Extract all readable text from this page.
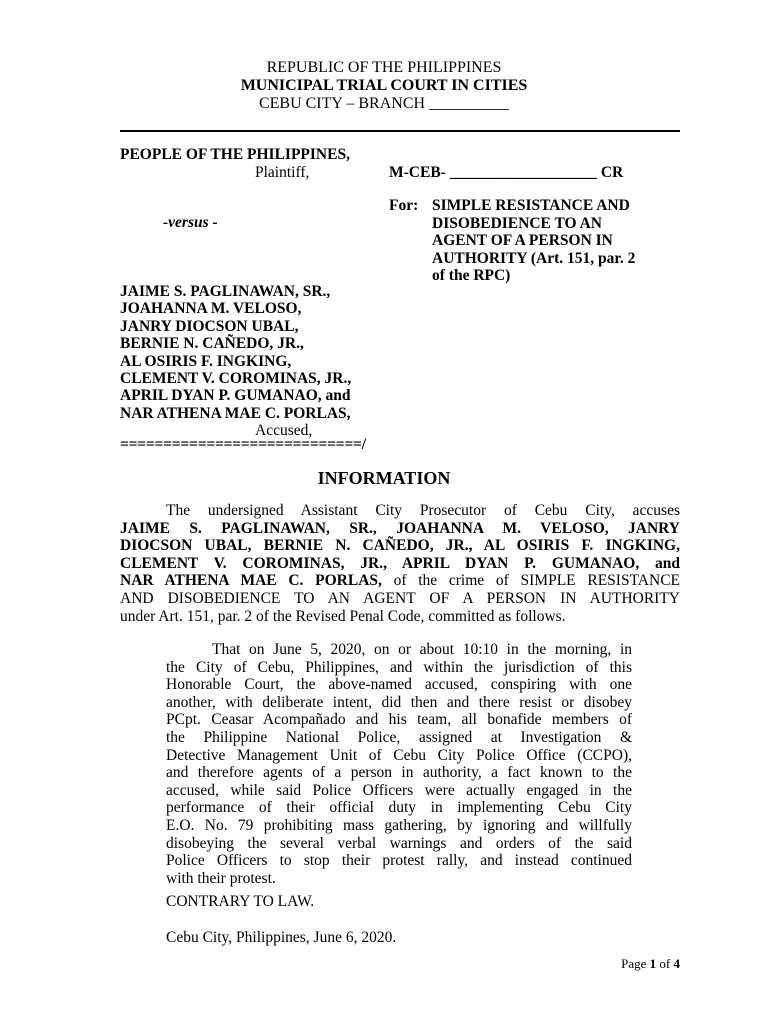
REPUBLIC OF THE PHILIPPINES
MUNICIPAL TRIAL COURT IN CITIES
CEBU CITY – BRANCH __________
PEOPLE OF THE PHILIPPINES,
Plaintiff,	M-CEB- ___________________ CR
For: SIMPLE RESISTANCE AND
DISOBEDIENCE TO AN
AGENT OF A PERSON IN
AUTHORITY (Art. 151, par. 2
of the RPC)
-versus -
JAIME S. PAGLINAWAN, SR.,
JOAHANNA M. VELOSO,
JANRY DIOCSON UBAL,
BERNIE N. CAÑEDO, JR.,
AL OSIRIS F. INGKING,
CLEMENT V. COROMINAS, JR.,
APRIL DYAN P. GUMANAO, and
NAR ATHENA MAE C. PORLAS,
Accused,
============================/
INFORMATION
The undersigned Assistant City Prosecutor of Cebu City, accuses
JAIME S. PAGLINAWAN, SR., JOAHANNA M. VELOSO, JANRY
DIOCSON UBAL, BERNIE N. CAÑEDO, JR., AL OSIRIS F. INGKING,
CLEMENT V. COROMINAS, JR., APRIL DYAN P. GUMANAO, and
NAR ATHENA MAE C. PORLAS, of the crime of SIMPLE RESISTANCE
AND DISOBEDIENCE TO AN AGENT OF A PERSON IN AUTHORITY
under Art. 151, par. 2 of the Revised Penal Code, committed as follows.
That on June 5, 2020, on or about 10:10 in the morning, in
the City of Cebu, Philippines, and within the jurisdiction of this
Honorable Court, the above-named accused, conspiring with one
another, with deliberate intent, did then and there resist or disobey
PCpt. Ceasar Acompañado and his team, all bonafide members of
the Philippine National Police, assigned at Investigation &
Detective Management Unit of Cebu City Police Office (CCPO),
and therefore agents of a person in authority, a fact known to the
accused, while said Police Officers were actually engaged in the
performance of their official duty in implementing Cebu City
E.O. No. 79 prohibiting mass gathering, by ignoring and willfully
disobeying the several verbal warnings and orders of the said
Police Officers to stop their protest rally, and instead continued
with their protest.
CONTRARY TO LAW.
Cebu City, Philippines, June 6, 2020.
Page 1 of 4
